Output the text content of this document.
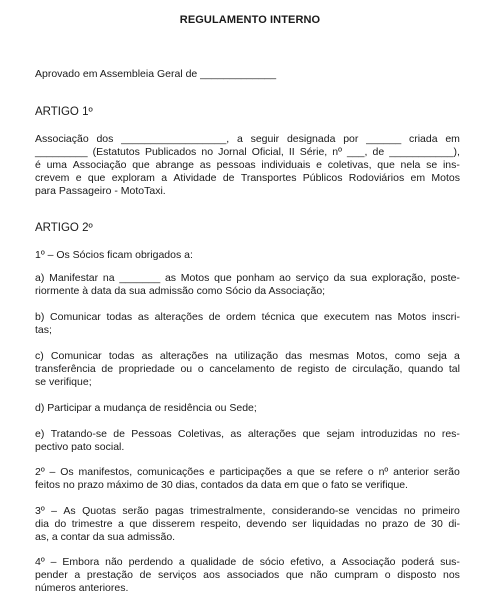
REGULAMENTO INTERNO
Aprovado em Assembleia Geral de _____________
ARTIGO 1º
Associação dos __________________, a seguir designada por ______ criada em
_________ (Estatutos Publicados no Jornal Oficial, II Série, nº ___, de ___________),
é uma Associação que abrange as pessoas individuais e coletivas, que nela se ins-
crevem e que exploram a Atividade de Transportes Públicos Rodoviários em Motos
para Passageiro - MotoTaxi.
ARTIGO 2º
1º – Os Sócios ficam obrigados a:
a) Manifestar na _______ as Motos que ponham ao serviço da sua exploração, poste-
riormente à data da sua admissão como Sócio da Associação;
b) Comunicar todas as alterações de ordem técnica que executem nas Motos inscri-
tas;
c) Comunicar todas as alterações na utilização das mesmas Motos, como seja a
transferência de propriedade ou o cancelamento de registo de circulação, quando tal
se verifique;
d) Participar a mudança de residência ou Sede;
e) Tratando-se de Pessoas Coletivas, as alterações que sejam introduzidas no res-
pectivo pato social.
2º – Os manifestos, comunicações e participações a que se refere o nº anterior serão
feitos no prazo máximo de 30 dias, contados da data em que o fato se verifique.
3º – As Quotas serão pagas trimestralmente, considerando-se vencidas no primeiro
dia do trimestre a que disserem respeito, devendo ser liquidadas no prazo de 30 di-
as, a contar da sua admissão.
4º – Embora não perdendo a qualidade de sócio efetivo, a Associação poderá sus-
pender a prestação de serviços aos associados que não cumpram o disposto nos
números anteriores.
